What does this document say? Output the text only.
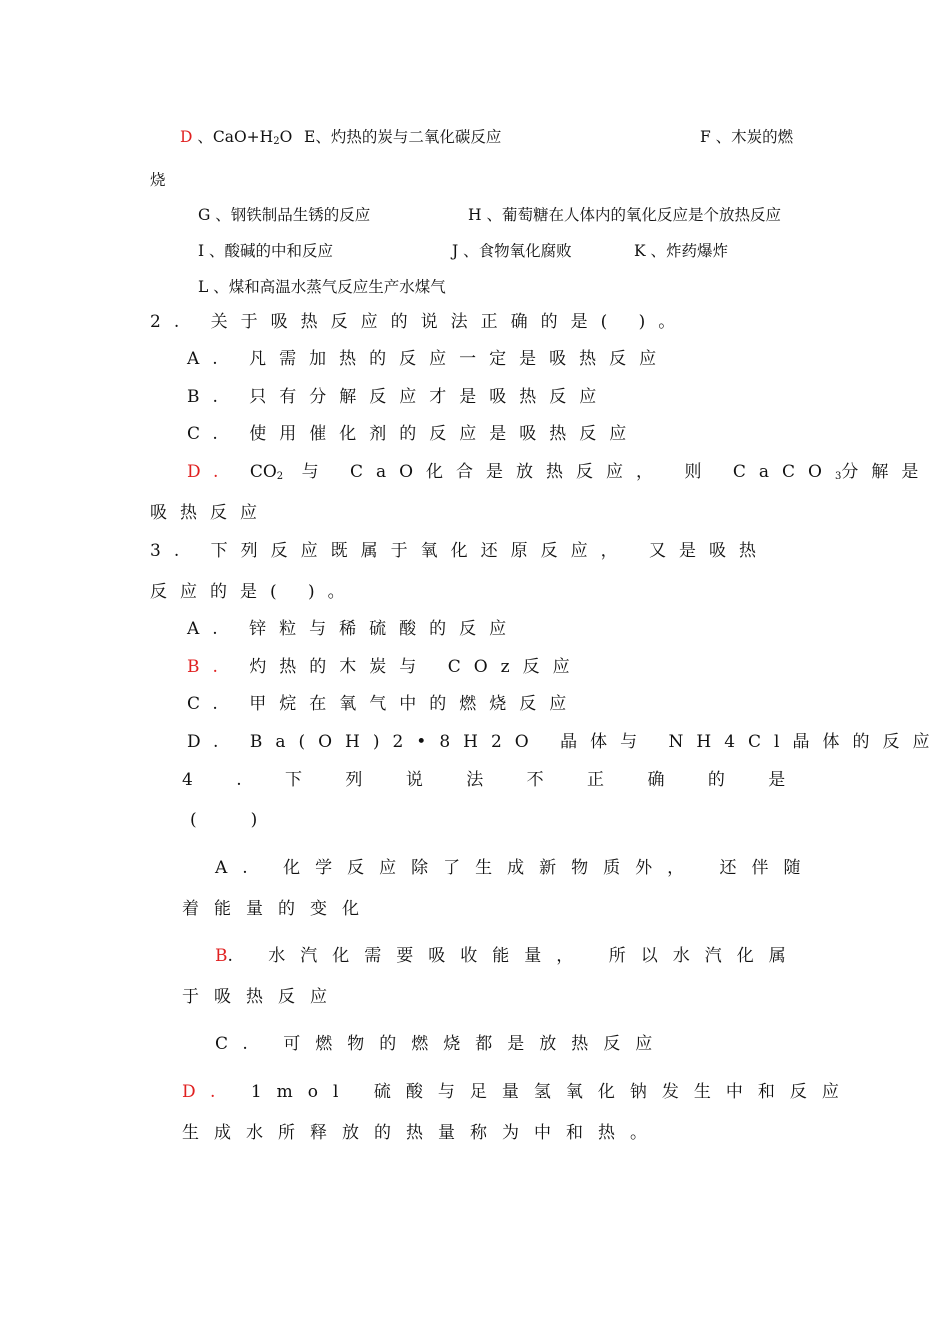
D 、$CaO+H_2O$ E、灼热的炭与二氧化碳反应	F 、木炭的燃
烧
G 、钢铁制品生锈的反应	H 、葡萄糖在人体内的氧化反应是个放热反应
I 、酸碱的中和反应	J 、食物氧化腐败	K 、炸药爆炸
L 、煤和高温水蒸气反应生产水煤气
2. 关于吸热反应的说法正确的是( )。
A. 凡需加热的反应一定是吸热反应
B. 只有分解反应才是吸热反应
C. 使用催化剂的反应是吸热反应
D. $CO_2$ 与 CaO化合是放热反应， 则 CaCO$_3$分解是
吸热反应
3. 下列反应既属于氧化还原反应， 又是吸热
反应的是( )。
A. 锌粒与稀硫酸的反应
B. 灼热的木炭与 COz反应
C. 甲烷在氧气中的燃烧反应
D. Ba(OH)2•8H2O 晶体与 NH4Cl晶体的反应
4 . 下 列 说 法 不 正 确 的 是
(          )
A. 化学反应除了生成新物质外， 还伴随
着能量的变化
B. 水汽化需要吸收能量， 所以水汽化属
于吸热反应
C. 可燃物的燃烧都是放热反应
D. 1mol 硫酸与足量氢氧化钠发生中和反应
生成水所释放的热量称为中和热。
